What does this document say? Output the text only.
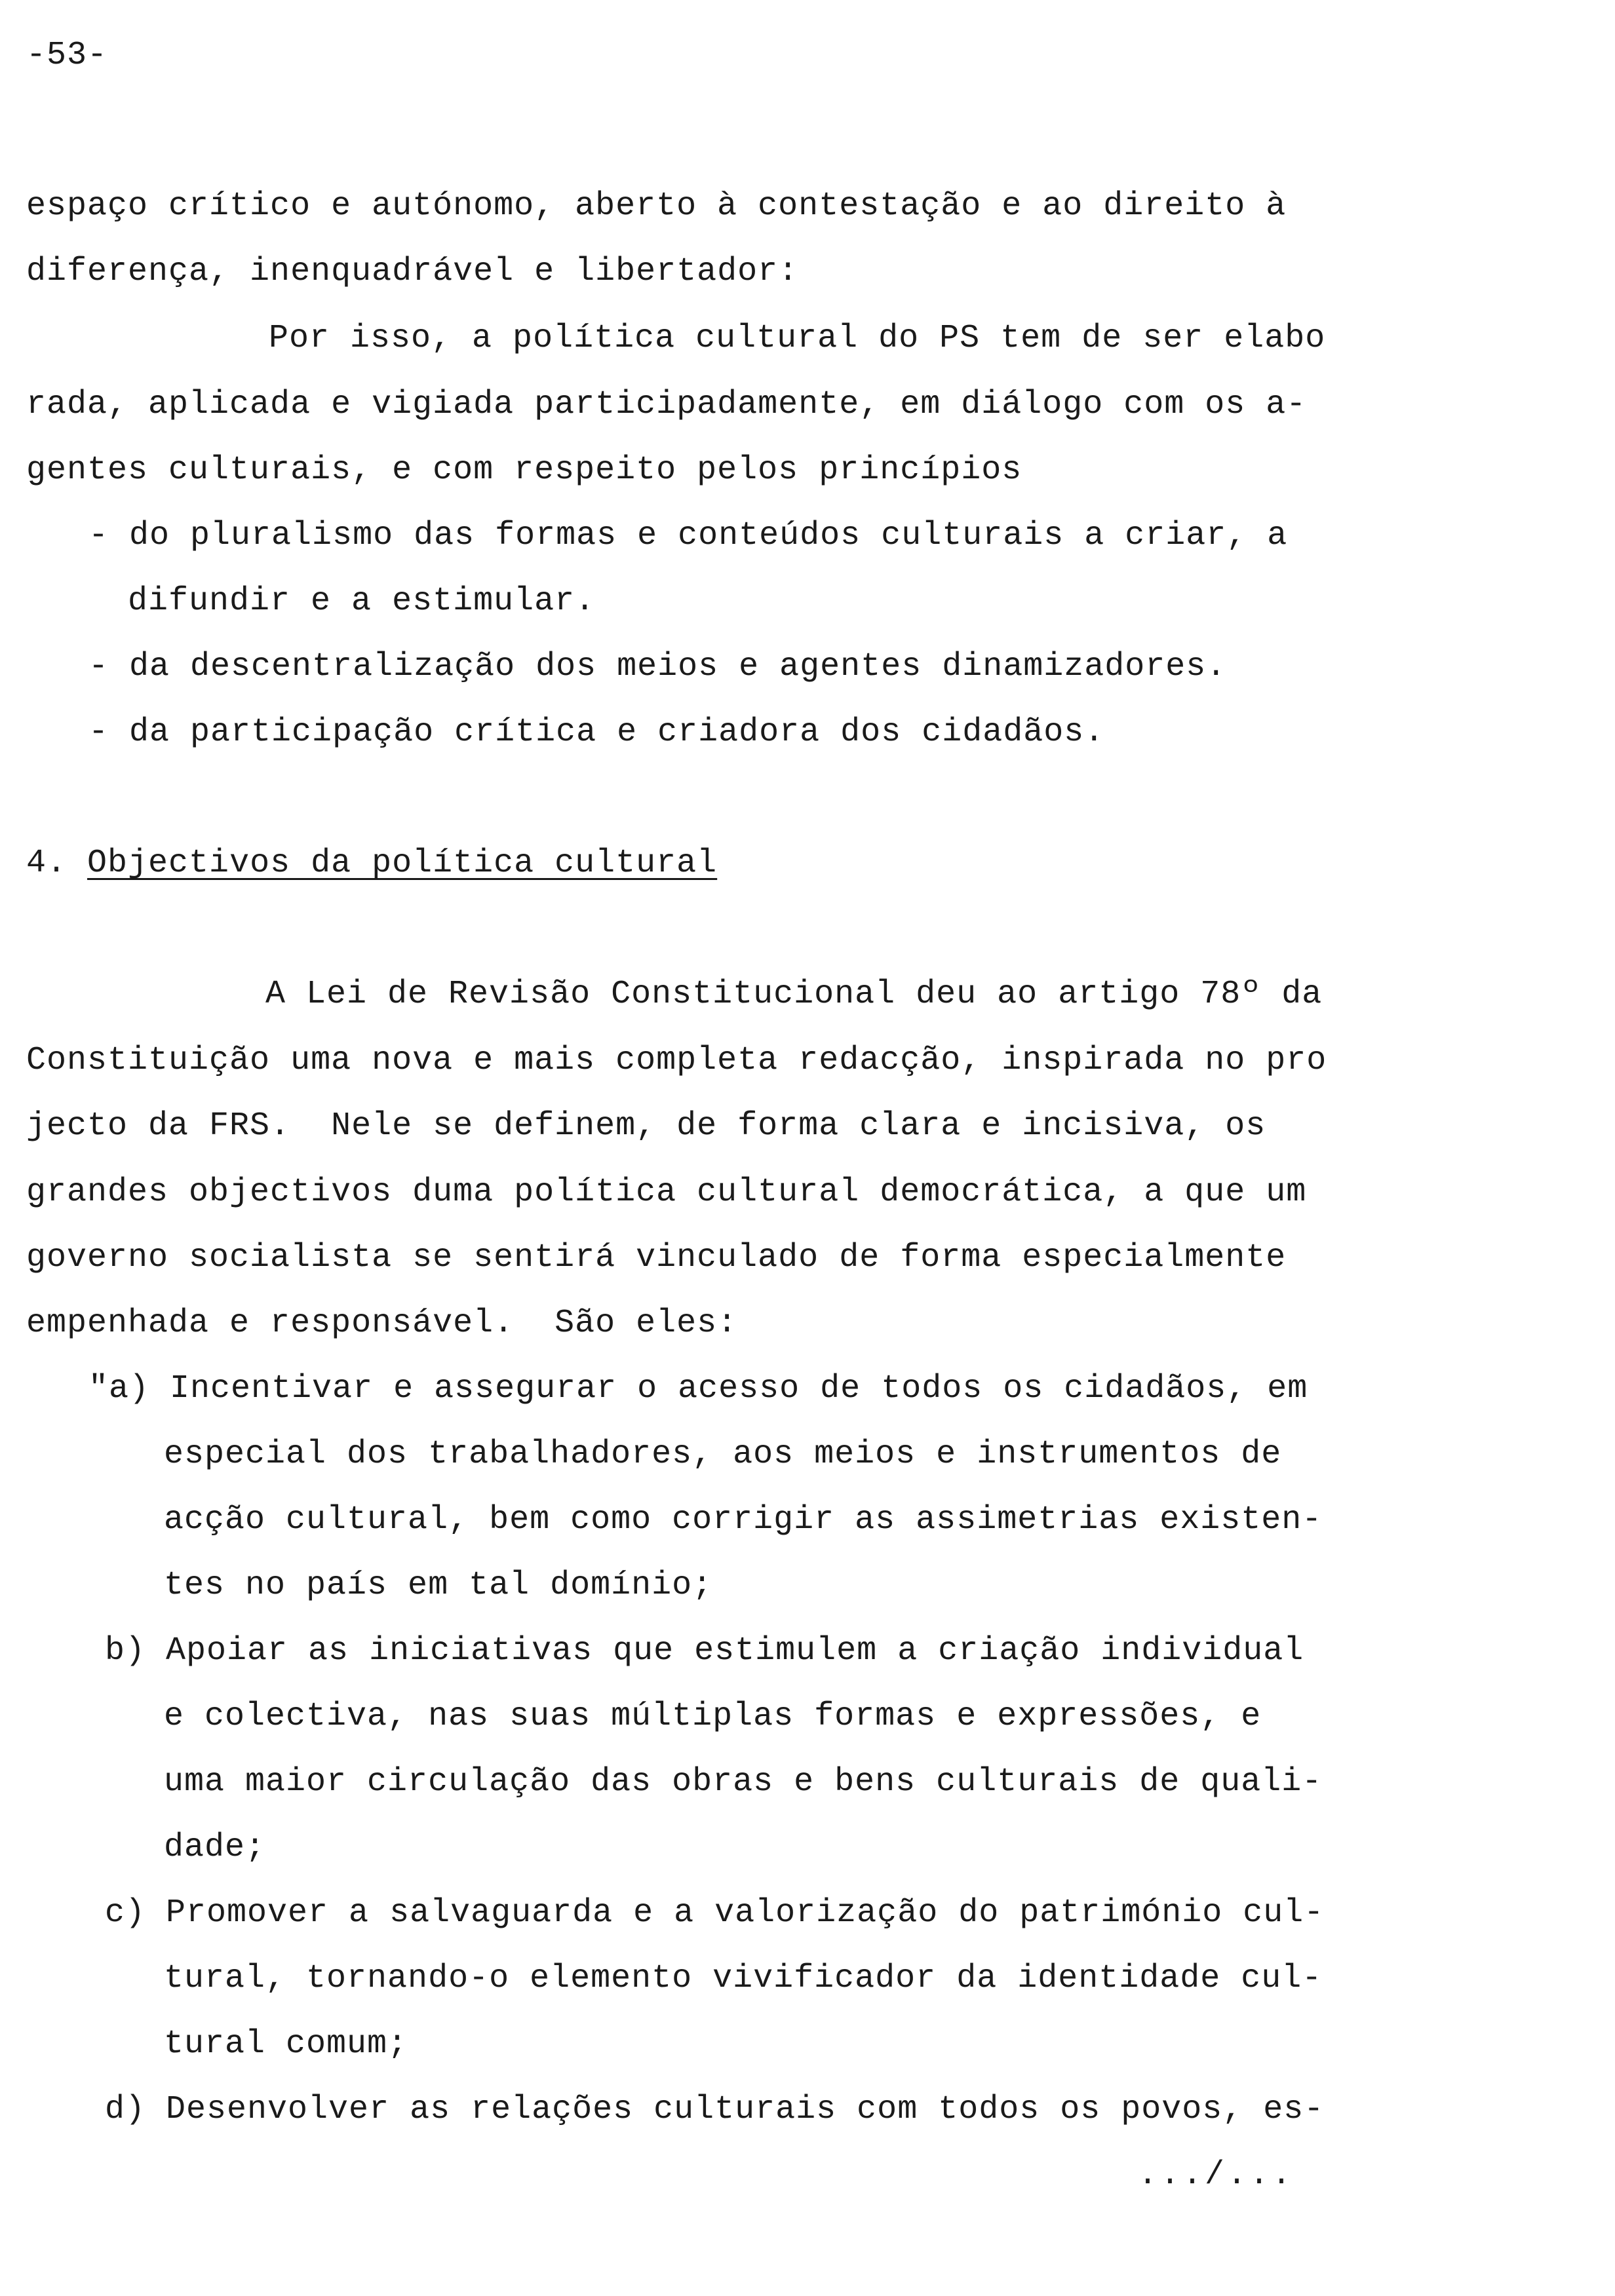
-53-
espaço crítico e autónomo, aberto à contestação e ao direito à
diferença, inenquadrável e libertador:
Por isso, a política cultural do PS tem de ser elabo
rada, aplicada e vigiada participadamente, em diálogo com os a-
gentes culturais, e com respeito pelos princípios
- do pluralismo das formas e conteúdos culturais a criar, a
difundir e a estimular.
- da descentralização dos meios e agentes dinamizadores.
- da participação crítica e criadora dos cidadãos.
4. Objectivos da política cultural
A Lei de Revisão Constitucional deu ao artigo 78º da
Constituição uma nova e mais completa redacção, inspirada no pro
jecto da FRS.  Nele se definem, de forma clara e incisiva, os
grandes objectivos duma política cultural democrática, a que um
governo socialista se sentirá vinculado de forma especialmente
empenhada e responsável.  São eles:
"a) Incentivar e assegurar o acesso de todos os cidadãos, em
especial dos trabalhadores, aos meios e instrumentos de
acção cultural, bem como corrigir as assimetrias existen-
tes no país em tal domínio;
b) Apoiar as iniciativas que estimulem a criação individual
e colectiva, nas suas múltiplas formas e expressões, e
uma maior circulação das obras e bens culturais de quali-
dade;
c) Promover a salvaguarda e a valorização do património cul-
tural, tornando-o elemento vivificador da identidade cul-
tural comum;
d) Desenvolver as relações culturais com todos os povos, es-
.../...
